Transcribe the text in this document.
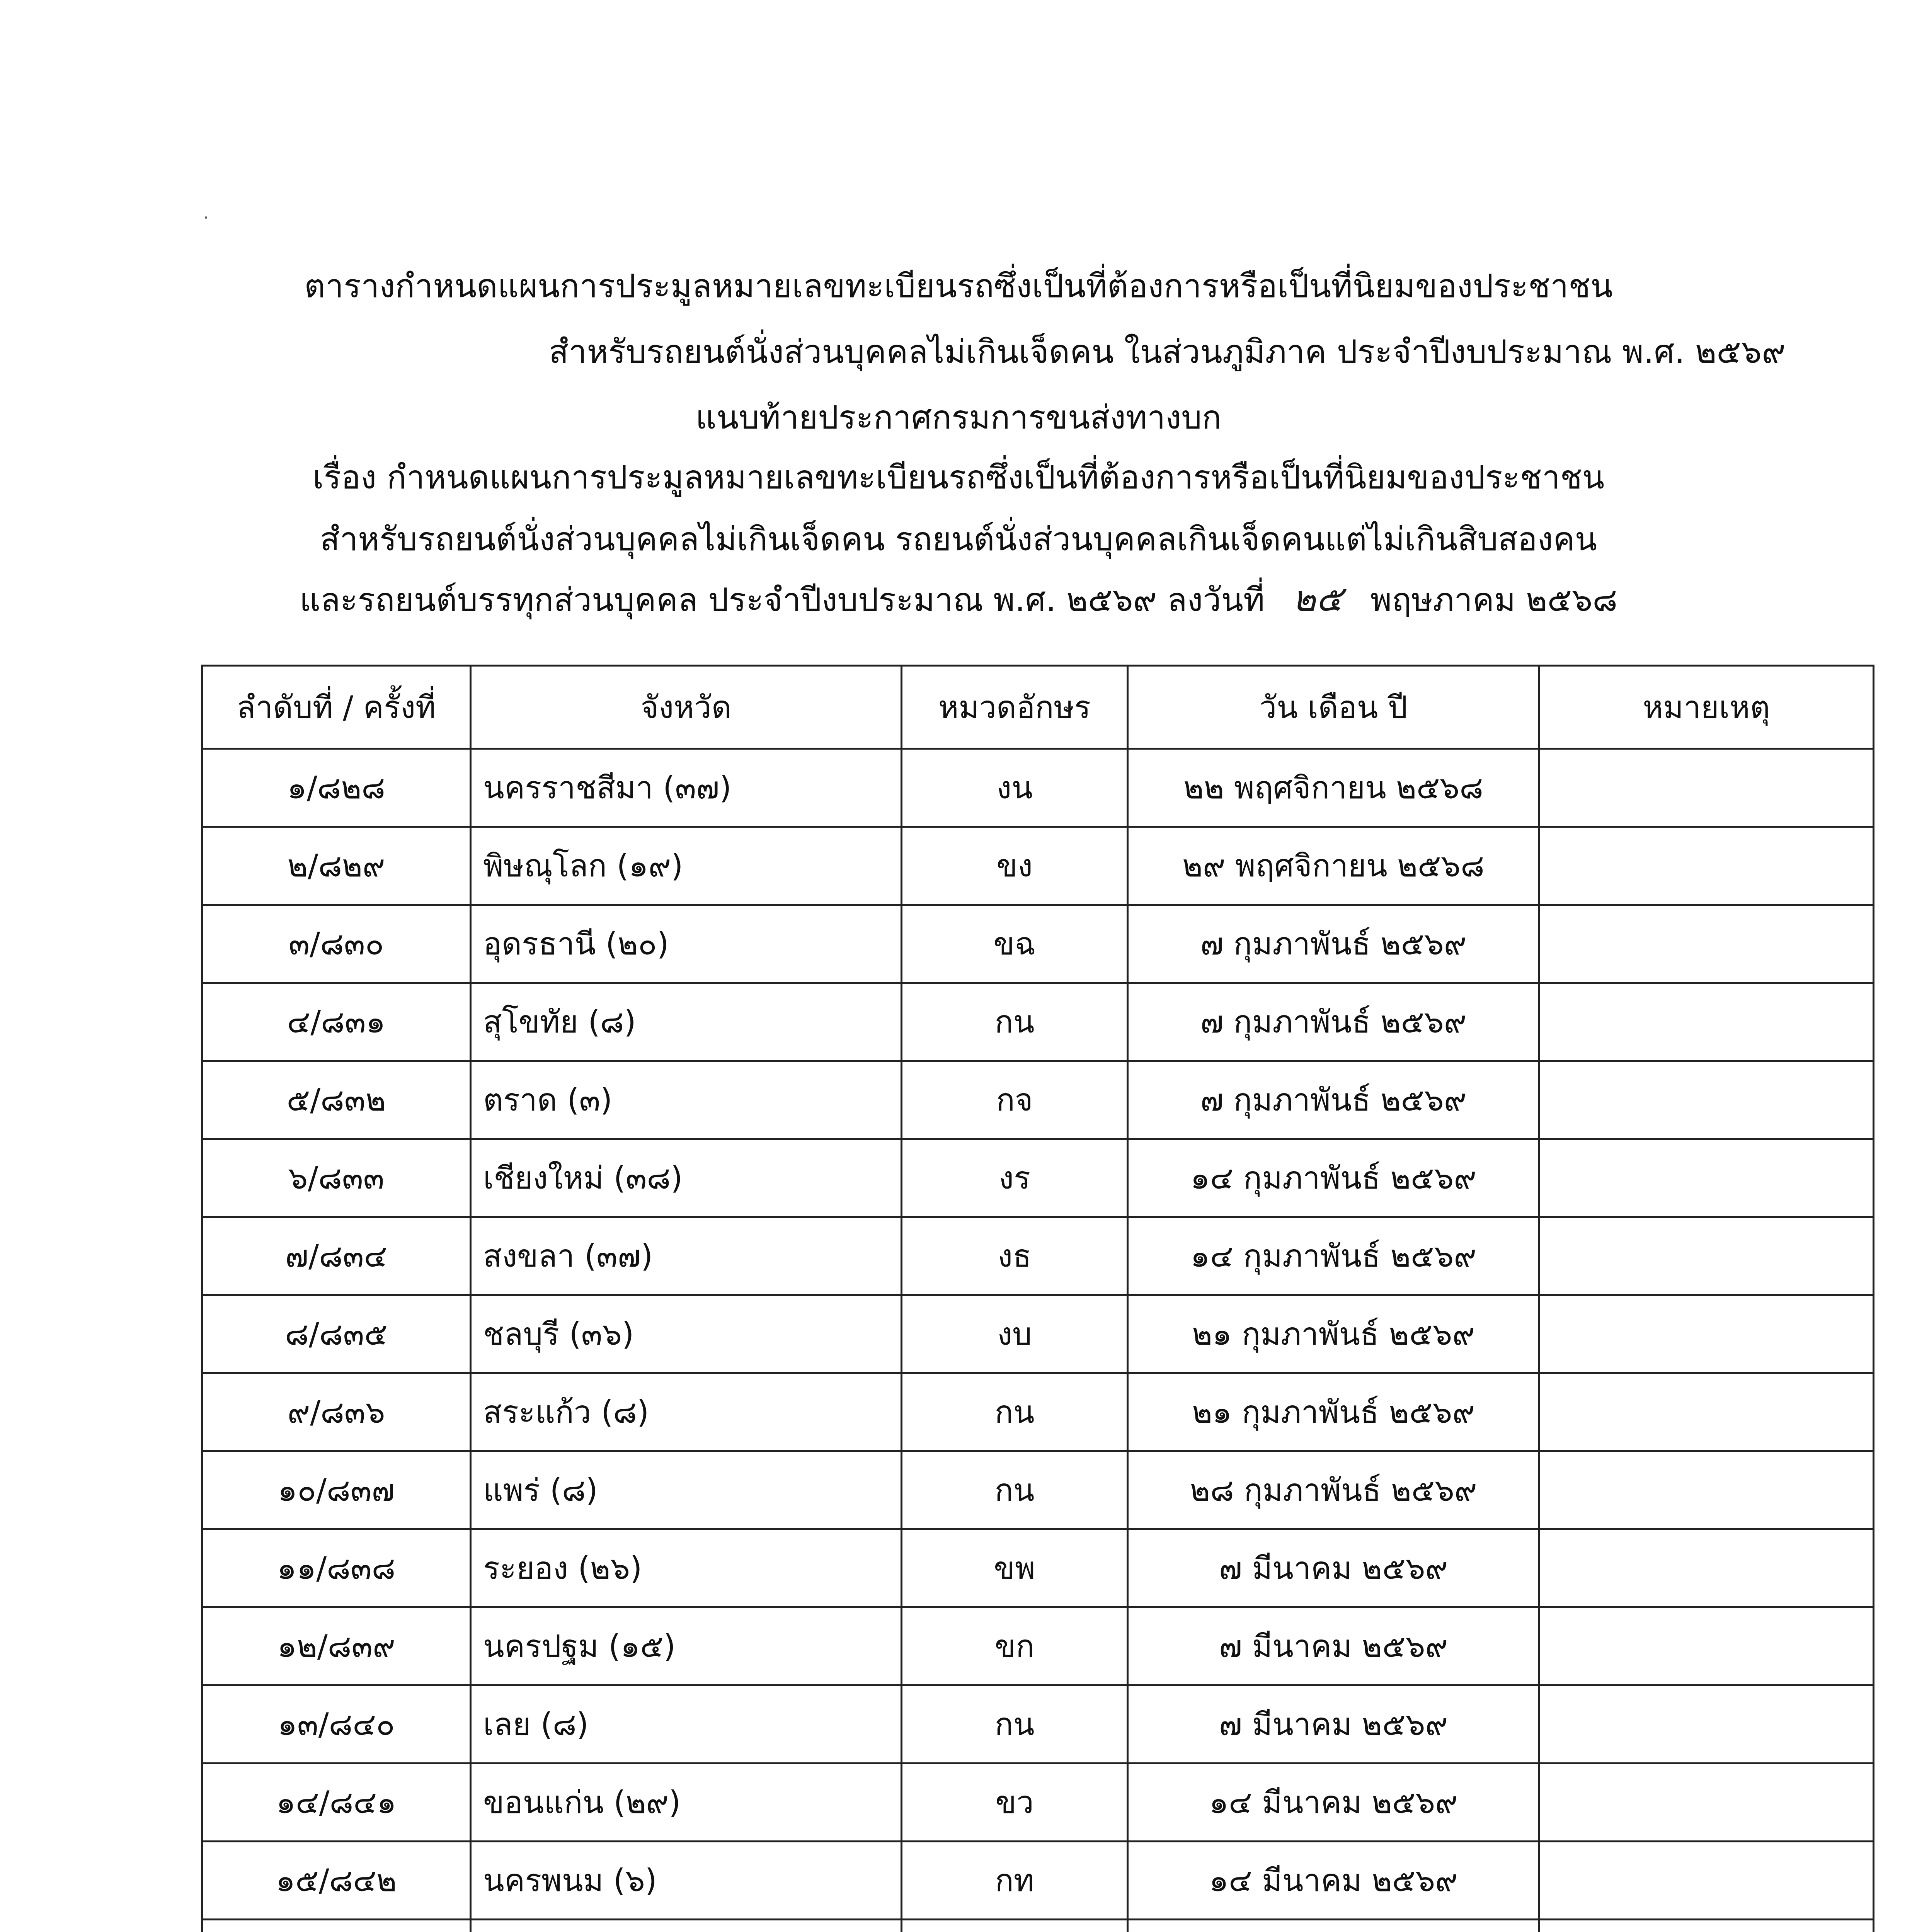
ตารางกำหนดแผนการประมูลหมายเลขทะเบียนรถซึ่งเป็นที่ต้องการหรือเป็นที่นิยมของประชาชน
สำหรับรถยนต์นั่งส่วนบุคคลไม่เกินเจ็ดคน ในส่วนภูมิภาค ประจำปีงบประมาณ พ.ศ. ๒๕๖๙
แนบท้ายประกาศกรมการขนส่งทางบก
เรื่อง กำหนดแผนการประมูลหมายเลขทะเบียนรถซึ่งเป็นที่ต้องการหรือเป็นที่นิยมของประชาชน
สำหรับรถยนต์นั่งส่วนบุคคลไม่เกินเจ็ดคน รถยนต์นั่งส่วนบุคคลเกินเจ็ดคนแต่ไม่เกินสิบสองคน
และรถยนต์บรรทุกส่วนบุคคล ประจำปีงบประมาณ พ.ศ. ๒๕๖๙ ลงวันที่ ๒๕ พฤษภาคม ๒๕๖๘
ลำดับที่ / ครั้งที่	จังหวัด	หมวดอักษร	วัน เดือน ปี	หมายเหตุ
๑/๘๒๘	นครราชสีมา (๓๗)	งน	๒๒ พฤศจิกายน ๒๕๖๘	
๒/๘๒๙	พิษณุโลก (๑๙)	ขง	๒๙ พฤศจิกายน ๒๕๖๘	
๓/๘๓๐	อุดรธานี (๒๐)	ขฉ	๗ กุมภาพันธ์ ๒๕๖๙	
๔/๘๓๑	สุโขทัย (๘)	กน	๗ กุมภาพันธ์ ๒๕๖๙	
๕/๘๓๒	ตราด (๓)	กจ	๗ กุมภาพันธ์ ๒๕๖๙	
๖/๘๓๓	เชียงใหม่ (๓๘)	งร	๑๔ กุมภาพันธ์ ๒๕๖๙	
๗/๘๓๔	สงขลา (๓๗)	งธ	๑๔ กุมภาพันธ์ ๒๕๖๙	
๘/๘๓๕	ชลบุรี (๓๖)	งบ	๒๑ กุมภาพันธ์ ๒๕๖๙	
๙/๘๓๖	สระแก้ว (๘)	กน	๒๑ กุมภาพันธ์ ๒๕๖๙	
๑๐/๘๓๗	แพร่ (๘)	กน	๒๘ กุมภาพันธ์ ๒๕๖๙	
๑๑/๘๓๘	ระยอง (๒๖)	ขพ	๗ มีนาคม ๒๕๖๙	
๑๒/๘๓๙	นครปฐม (๑๕)	ขก	๗ มีนาคม ๒๕๖๙	
๑๓/๘๔๐	เลย (๘)	กน	๗ มีนาคม ๒๕๖๙	
๑๔/๘๔๑	ขอนแก่น (๒๙)	ขว	๑๔ มีนาคม ๒๕๖๙	
๑๕/๘๔๒	นครพนม (๖)	กท	๑๔ มีนาคม ๒๕๖๙	
